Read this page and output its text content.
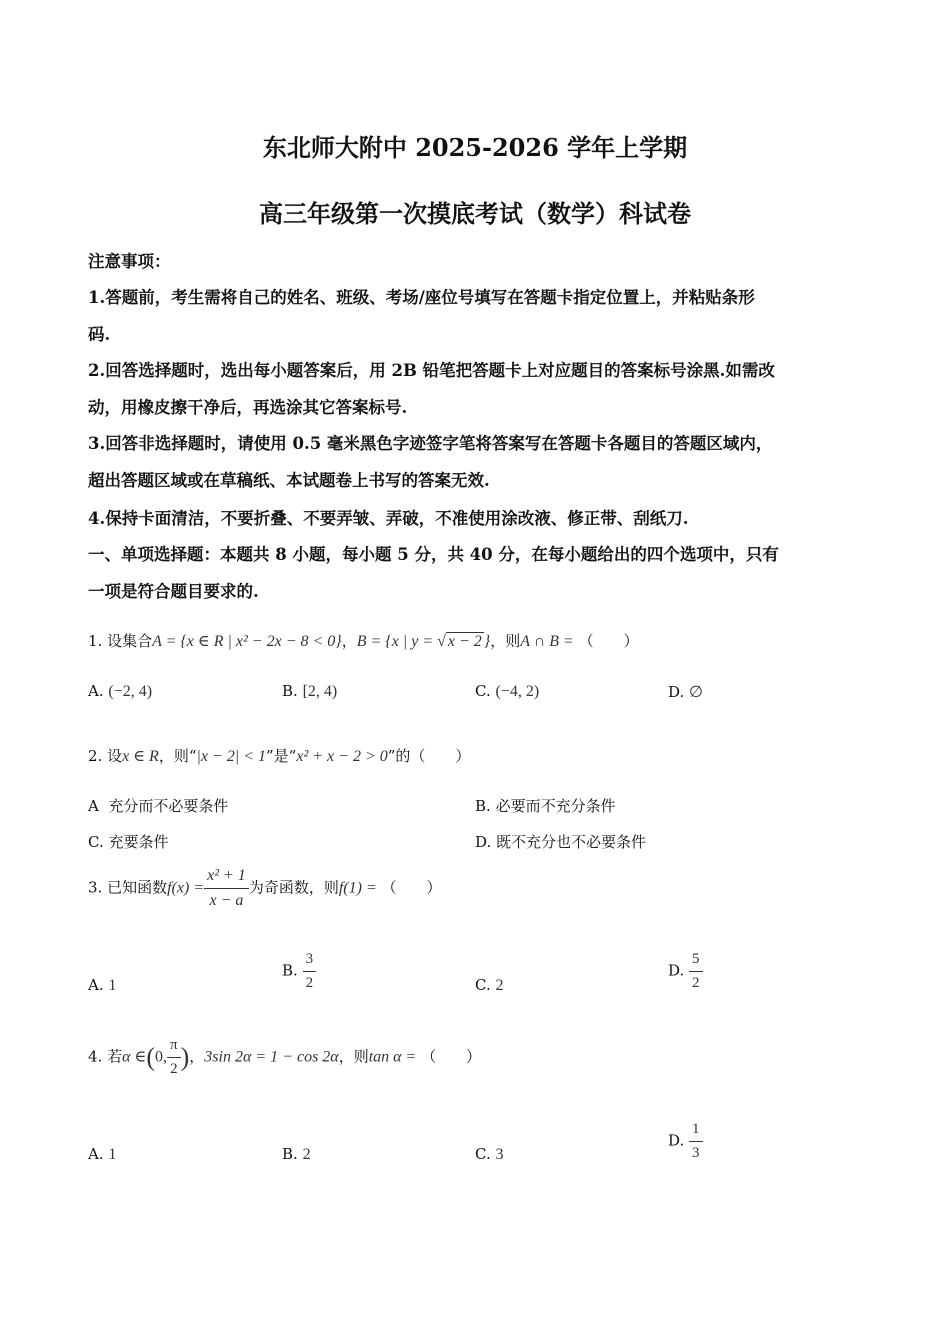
东北师大附中 2025-2026 学年上学期
高三年级第一次摸底考试（数学）科试卷
注意事项：
1.答题前，考生需将自己的姓名、班级、考场/座位号填写在答题卡指定位置上，并粘贴条形
码.
2.回答选择题时，选出每小题答案后，用 2B 铅笔把答题卡上对应题目的答案标号涂黑.如需改
动，用橡皮擦干净后，再选涂其它答案标号.
3.回答非选择题时，请使用 0.5 毫米黑色字迹签字笔将答案写在答题卡各题目的答题区域内，
超出答题区域或在草稿纸、本试题卷上书写的答案无效.
4.保持卡面清洁，不要折叠、不要弄皱、弄破，不准使用涂改液、修正带、刮纸刀.
一、单项选择题：本题共 8 小题，每小题 5 分，共 40 分，在每小题给出的四个选项中，只有
一项是符合题目要求的.
1. 设集合A = {x ∈ R | x² − 2x − 8 < 0}，B = {x | y = √ x − 2 }，则A ∩ B = （　　）
A. (−2, 4)	B. [2, 4)	C. (−4, 2)	D. ∅
2. 设x ∈ R，则“|x − 2| < 1”是“x² + x − 2 > 0”的（　　）
A 充分而不必要条件	B. 必要而不充分条件
C. 充要条件	D. 既不充分也不必要条件
3. 已知函数$f(x) = \frac{\text{x² + 1}}{x - a}$ 为奇函数，则f(1) = （　　）
A. 1
B. $\frac{3}{2}$	C. 2
D. $\frac{5}{2}$
4. 若α ∈(0, $\frac{\pi}{2}$ )，3sin 2α = 1 − cos 2α，则tan α = （　　）
A. 1	B. 2	C. 3
D. $\frac{1}{3}$
